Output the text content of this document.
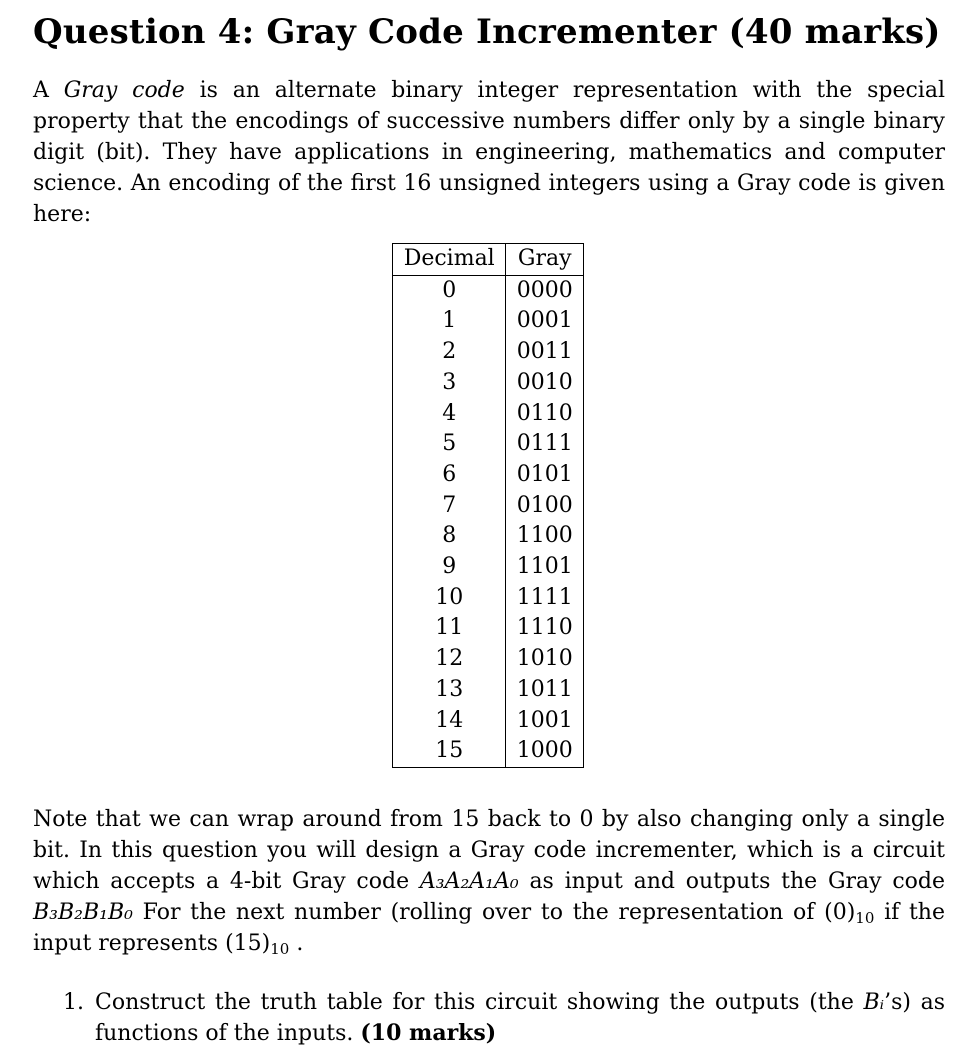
Question 4: Gray Code Incrementer (40 marks)

A Gray code is an alternate binary integer representation with the special property that the encodings of successive numbers differ only by a single binary digit (bit). They have applications in engineering, mathematics and computer science. An encoding of the first 16 unsigned integers using a Gray code is given here:

Decimal	Gray
0	0000
1	0001
2	0011
3	0010
4	0110
5	0111
6	0101
7	0100
8	1100
9	1101
10	1111
11	1110
12	1010
13	1011
14	1001
15	1000

Note that we can wrap around from 15 back to 0 by also changing only a single bit. In this question you will design a Gray code incrementer, which is a circuit which accepts a 4-bit Gray code A₃A₂A₁A₀ as input and outputs the Gray code B₃B₂B₁B₀ For the next number (rolling over to the representation of $(0)_{10}$ if the input represents $(15)_{10}$ .

1. Construct the truth table for this circuit showing the outputs (the Bᵢ’s) as functions of the inputs. (10 marks)
